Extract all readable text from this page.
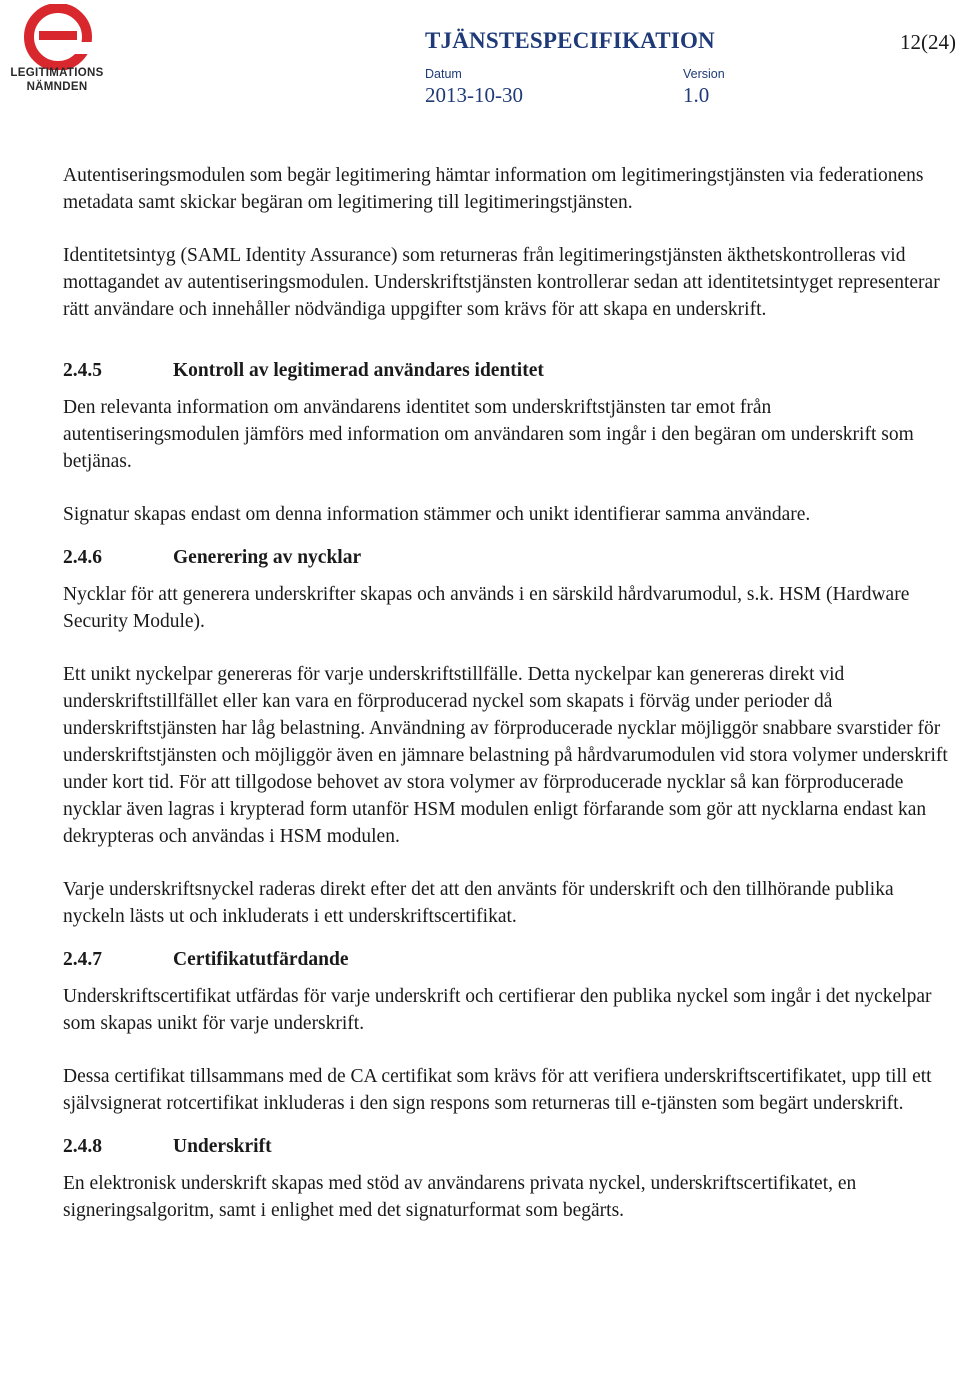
LEGITIMATIONS
NÄMNDEN
TJÄNSTESPECIFIKATION	12(24)
Datum
2013-10-30
Version
1.0

Autentiseringsmodulen som begär legitimering hämtar information om legitimeringstjänsten via federationens metadata samt skickar begäran om legitimering till legitimeringstjänsten.

Identitetsintyg (SAML Identity Assurance) som returneras från legitimeringstjänsten äkthetskontrolleras vid mottagandet av autentiseringsmodulen. Underskriftstjänsten kontrollerar sedan att identitetsintyget representerar rätt användare och innehåller nödvändiga uppgifter som krävs för att skapa en underskrift.

2.4.5	Kontroll av legitimerad användares identitet

Den relevanta information om användarens identitet som underskriftstjänsten tar emot från autentiseringsmodulen jämförs med information om användaren som ingår i den begäran om underskrift som betjänas.

Signatur skapas endast om denna information stämmer och unikt identifierar samma användare.

2.4.6	Generering av nycklar

Nycklar för att generera underskrifter skapas och används i en särskild hårdvarumodul, s.k. HSM (Hardware Security Module).

Ett unikt nyckelpar genereras för varje underskriftstillfälle. Detta nyckelpar kan genereras direkt vid underskriftstillfället eller kan vara en förproducerad nyckel som skapats i förväg under perioder då underskriftstjänsten har låg belastning. Användning av förproducerade nycklar möjliggör snabbare svarstider för underskriftstjänsten och möjliggör även en jämnare belastning på hårdvarumodulen vid stora volymer underskrift under kort tid. För att tillgodose behovet av stora volymer av förproducerade nycklar så kan förproducerade nycklar även lagras i krypterad form utanför HSM modulen enligt förfarande som gör att nycklarna endast kan dekrypteras och användas i HSM modulen.

Varje underskriftsnyckel raderas direkt efter det att den använts för underskrift och den tillhörande publika nyckeln lästs ut och inkluderats i ett underskriftscertifikat.

2.4.7	Certifikatutfärdande

Underskriftscertifikat utfärdas för varje underskrift och certifierar den publika nyckel som ingår i det nyckelpar som skapas unikt för varje underskrift.

Dessa certifikat tillsammans med de CA certifikat som krävs för att verifiera underskriftscertifikatet, upp till ett självsignerat rotcertifikat inkluderas i den sign respons som returneras till e-tjänsten som begärt underskrift.

2.4.8	Underskrift

En elektronisk underskrift skapas med stöd av användarens privata nyckel, underskriftscertifikatet, en signeringsalgoritm, samt i enlighet med det signaturformat som begärts.
